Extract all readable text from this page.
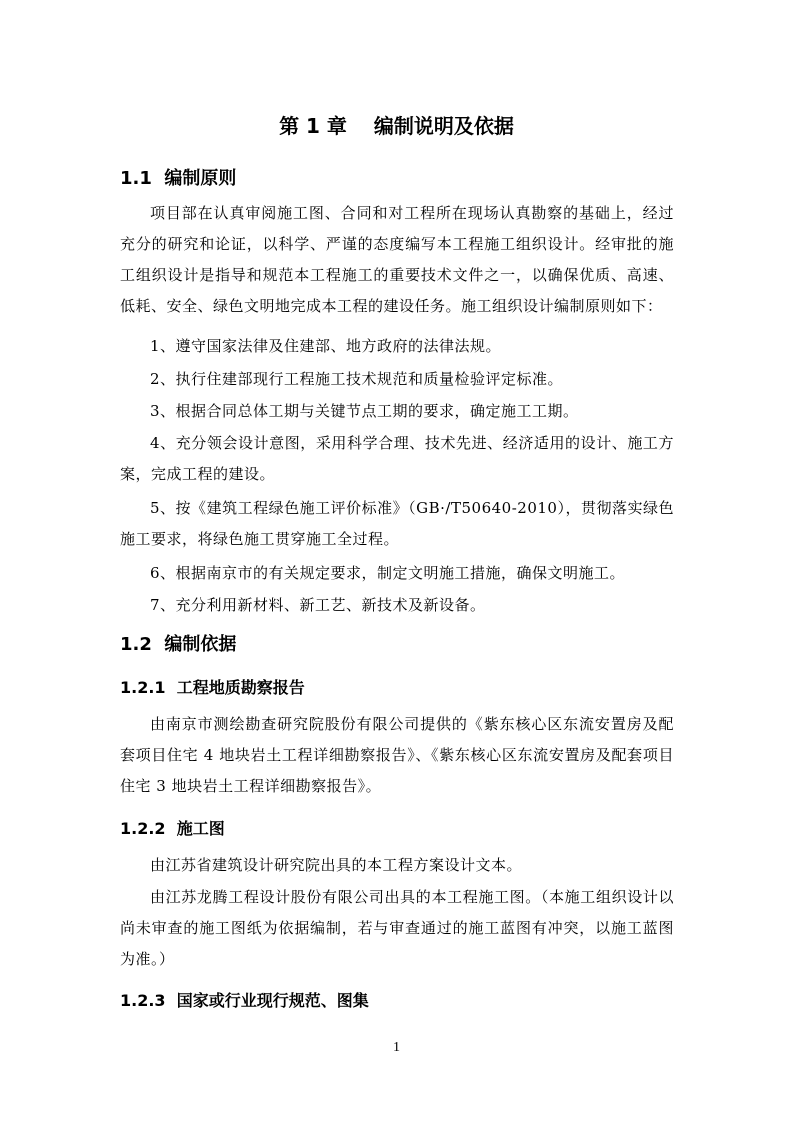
第 1 章　 编制说明及依据
1.1  编制原则
项目部在认真审阅施工图、合同和对工程所在现场认真勘察的基础上，经过充分的研究和论证，以科学、严谨的态度编写本工程施工组织设计。经审批的施工组织设计是指导和规范本工程施工的重要技术文件之一，以确保优质、高速、低耗、安全、绿色文明地完成本工程的建设任务。施工组织设计编制原则如下：
1、遵守国家法律及住建部、地方政府的法律法规。
2、执行住建部现行工程施工技术规范和质量检验评定标准。
3、根据合同总体工期与关键节点工期的要求，确定施工工期。
4、充分领会设计意图，采用科学合理、技术先进、经济适用的设计、施工方案，完成工程的建设。
5、按《建筑工程绿色施工评价标准》（GB·/T50640-2010），贯彻落实绿色施工要求，将绿色施工贯穿施工全过程。
6、根据南京市的有关规定要求，制定文明施工措施，确保文明施工。
7、充分利用新材料、新工艺、新技术及新设备。
1.2  编制依据
1.2.1  工程地质勘察报告
由南京市测绘勘查研究院股份有限公司提供的《紫东核心区东流安置房及配套项目住宅 4 地块岩土工程详细勘察报告》、《紫东核心区东流安置房及配套项目住宅 3 地块岩土工程详细勘察报告》。
1.2.2  施工图
由江苏省建筑设计研究院出具的本工程方案设计文本。
由江苏龙腾工程设计股份有限公司出具的本工程施工图。（本施工组织设计以尚未审查的施工图纸为依据编制，若与审查通过的施工蓝图有冲突，以施工蓝图为准。）
1.2.3  国家或行业现行规范、图集
1
